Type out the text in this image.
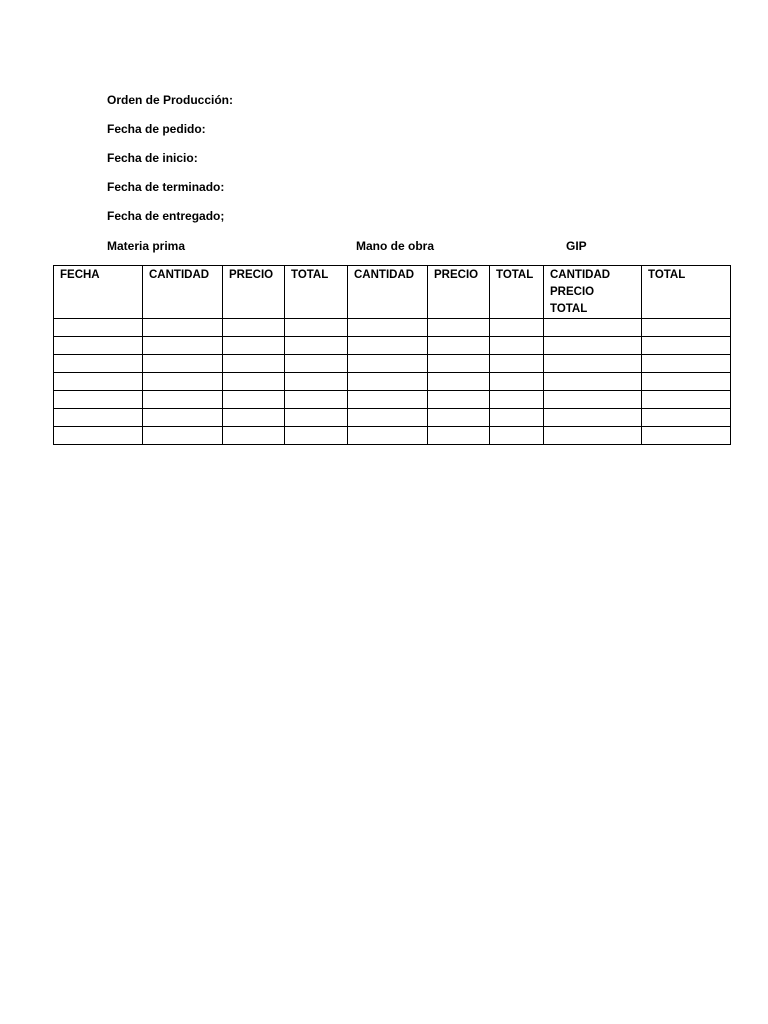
Orden de Producción:
Fecha de pedido:
Fecha de inicio:
Fecha de terminado:
Fecha de entregado;
Materia prima	Mano de obra	GIP
FECHA	CANTIDAD	PRECIO	TOTAL	CANTIDAD	PRECIO	TOTAL	CANTIDAD PRECIO TOTAL	TOTAL
